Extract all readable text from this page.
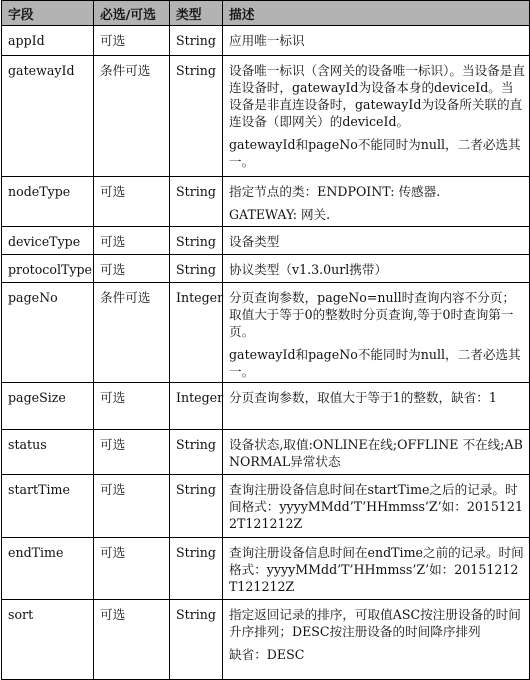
字段	必选/可选	类型	描述
appId	可选	String	应用唯一标识

gatewayId	条件可选	String	设备唯一标识（含网关的设备唯一标识）。当设备是直连设备时，gatewayId为设备本身的deviceId。当设备是非直连设备时，gatewayId为设备所关联的直连设备（即网关）的deviceId。

gatewayId和pageNo不能同时为null，二者必选其一。

nodeType	可选	String	指定节点的类：ENDPOINT: 传感器.

GATEWAY: 网关.

deviceType	可选	String	设备类型

protocolType	可选	String	协议类型（v1.3.0url携带）

pageNo	条件可选	Integer	分页查询参数，pageNo=null时查询内容不分页；取值大于等于0的整数时分页查询,等于0时查询第一页。

gatewayId和pageNo不能同时为null，二者必选其一。

pageSize	可选	Integer	分页查询参数，取值大于等于1的整数，缺省：1

status	可选	String	设备状态,取值:ONLINE在线;OFFLINE 不在线;ABNORMAL异常状态

startTime	可选	String	查询注册设备信息时间在startTime之后的记录。时间格式：yyyyMMdd’T’HHmmss’Z’如：20151212T121212Z

endTime	可选	String	查询注册设备信息时间在endTime之前的记录。时间格式：yyyyMMdd’T’HHmmss’Z’如：20151212T121212Z

sort	可选	String	指定返回记录的排序，可取值ASC按注册设备的时间升序排列；DESC按注册设备的时间降序排列

缺省：DESC
